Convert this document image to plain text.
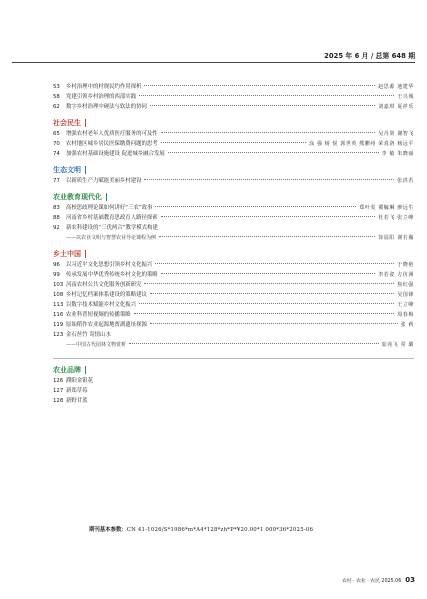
2025 年 6 月 / 总第 648 期
53	乡村治理中的村规民约作用探析	赵思源 池建华
58	党建引领乡村治理的西部实践	王兴城
62	数字乡村治理中硬法与软法的协同	刘嘉琪 夏祥乐
社会民生
65	增强农村老年人优质医疗服务的可及性	吴丹贤 谢智飞
70	农村地区城乡居民医保缴费问题的思考	涂 强 杨 悦 郭世英 熊鹏州 荣真洛 杨远平
74	加强农村基础设施建设 促进城乡融合发展	李 敏 朱晓丽
生态文明
77	以新质生产力赋能美丽乡村建设	张洪若
农业教育现代化
83	高校思政理论课如何讲好“三农”故事	郑叶雯 冀毓琳 廖远生
88	河南省乡村基础教育思政育人路径探索	杜若飞 张立峰
92	新农科建设的“三优两合”教学模式构建
——以农业文明与智慧农业导论课程为例	徐晨阳 谢若瀚
乡土中国
96	以习近平文化思想引领乡村文化振兴	于晓艳
99	传承发展中华优秀传统乡村文化的策略	李若姿 方仿洲
103 河南农村公共文化服务创新研究	焦红强
108 乡村记忆档案体系建设的策略建议	吴国锋
113 以数字技术赋能乡村文化振兴	王立峰
116 农业科普短视频的传播策略	周春梅
119 原始稻作农业起源地贾湖遗址探源	张 莉
123 金石丝竹 寄情山水
——中国古代园林文物赏析	茹苑飞 常 璐
农业品牌
126 濮阳金银花
127 新郑草莓
128 新野甘蓝
期刊基本参数：CN 41-1026/S*1986*m*A4*128*zh*P*¥20.00*1 000*36*2025-06
农村 · 农业 · 农民 2025.06 03
